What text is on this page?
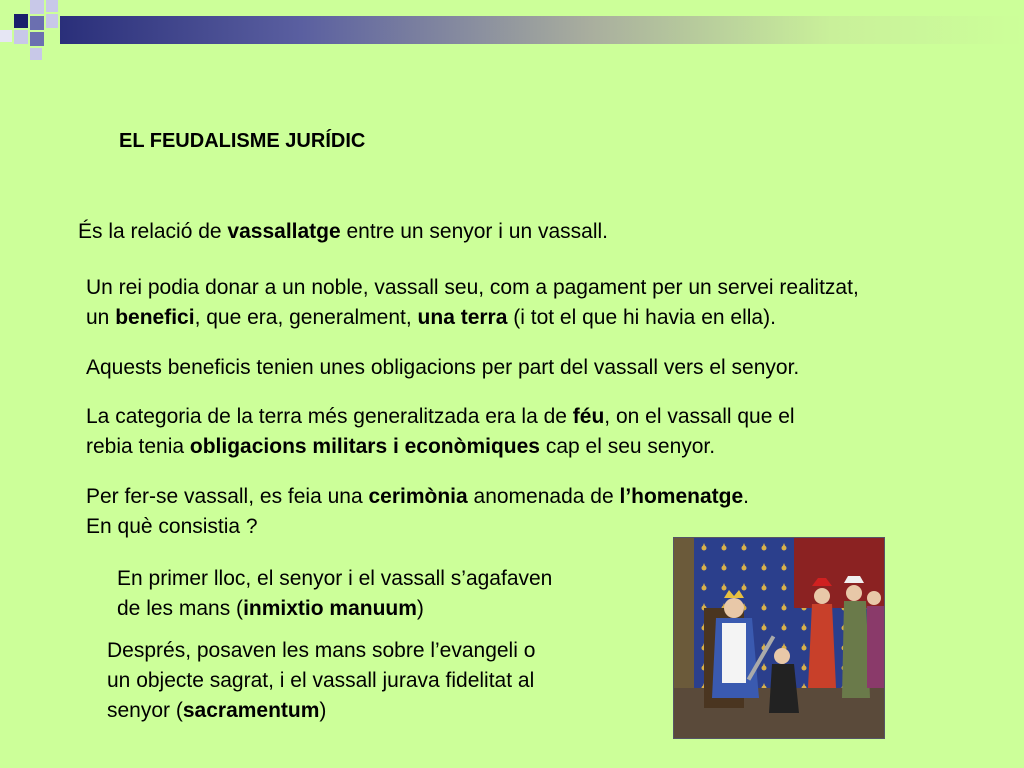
EL FEUDALISME JURÍDIC
És la relació de vassallatge entre un senyor i un vassall.
Un rei podia donar a un noble, vassall seu, com a pagament per un servei realitzat,
un benefici, que era, generalment, una terra (i tot el que hi havia en ella).
Aquests beneficis tenien unes obligacions per part del vassall vers el senyor.
La categoria de la terra més generalitzada era la de féu, on el vassall que el
rebia tenia obligacions militars i econòmiques cap el seu senyor.
Per fer-se vassall, es feia una cerimònia anomenada de l’homenatge.
En què consistia ?
En primer lloc, el senyor i el vassall s’agafaven
de les mans (inmixtio manuum)
Després, posaven les mans sobre l’evangeli o
un objecte sagrat, i el vassall jurava fidelitat al
senyor (sacramentum)
